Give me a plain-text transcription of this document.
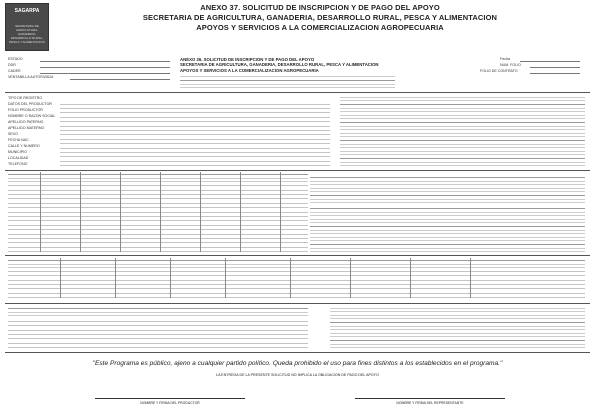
SAGARPA
SECRETARIA DE AGRICULTURA, GANADERIA, DESARROLLO RURAL, PESCA Y ALIMENTACION
ANEXO 37. SOLICITUD DE INSCRIPCION Y DE PAGO DEL APOYO
SECRETARIA DE AGRICULTURA, GANADERIA, DESARROLLO RURAL, PESCA Y ALIMENTACION
APOYOS Y SERVICIOS A LA COMERCIALIZACION AGROPECUARIA
ESTADO
DDR
CADER
VENTANILLA AUTORIZADA
ANEXO 26. SOLICITUD DE INSCRIPCION Y DE PAGO DEL APOYO
SECRETARIA DE AGRICULTURA, GANADERIA, DESARROLLO RURAL, PESCA Y ALIMENTACION
APOYOS Y SERVICIOS A LA COMERCIALIZACION AGROPECUARIA
Fecha
NUM. FOLIO
FOLIO DE CONTRATO
TIPO DE REGISTRO
DATOS DEL PRODUCTOR
FOLIO PRODUCTOR
NOMBRE O RAZON SOCIAL
APELLIDO PATERNO
APELLIDO MATERNO
SEXO
FECHA NAC.
CALLE Y NUMERO
MUNICIPIO
LOCALIDAD
TELEFONO
"Este Programa es público, ajeno a cualquier partido político. Queda prohibido el uso para fines distintos a los establecidos en el programa."
LA ENTREGA DE LA PRESENTE SOLICITUD NO IMPLICA LA OBLIGACION DE PAGO DEL APOYO
NOMBRE Y FIRMA DEL PRODUCTOR	NOMBRE Y FIRMA DEL REPRESENTANTE
